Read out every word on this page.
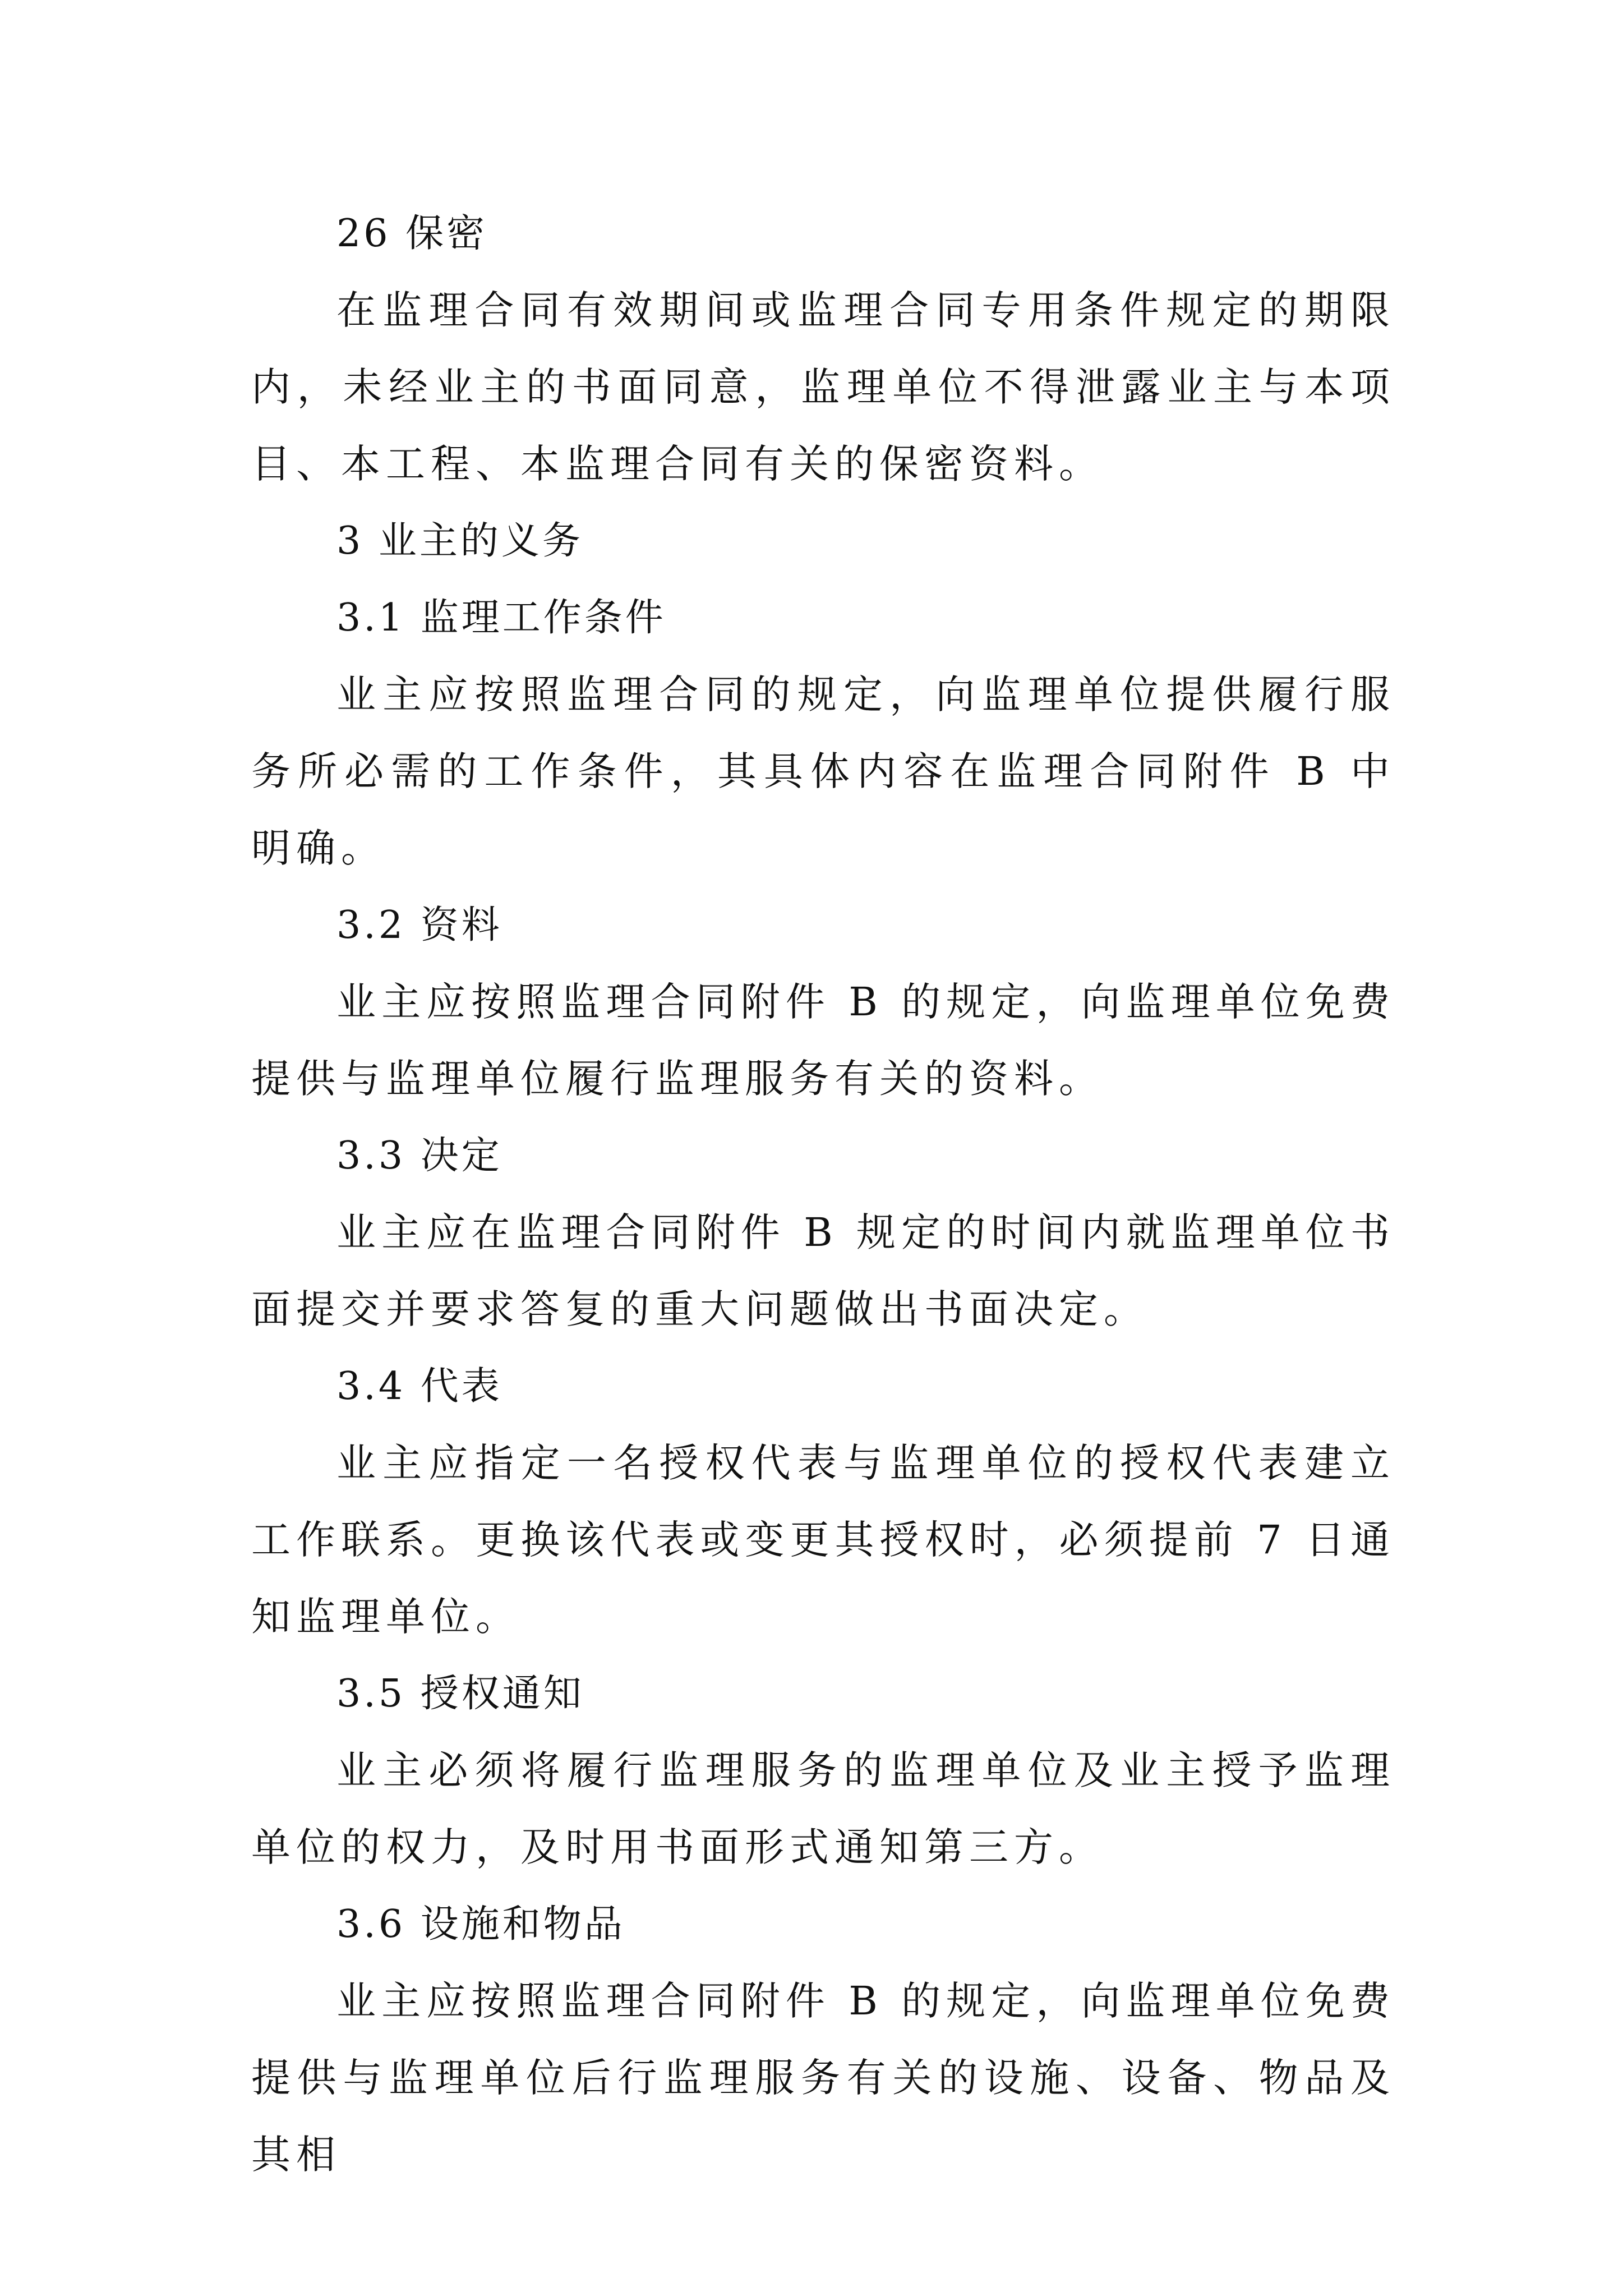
26 保密

在监理合同有效期间或监理合同专用条件规定的期限内，未经业主的书面同意，监理单位不得泄露业主与本项目、本工程、本监理合同有关的保密资料。

3 业主的义务

3.1 监理工作条件

业主应按照监理合同的规定，向监理单位提供履行服务所必需的工作条件，其具体内容在监理合同附件 B 中明确。

3.2 资料

业主应按照监理合同附件 B 的规定，向监理单位免费提供与监理单位履行监理服务有关的资料。

3.3 决定

业主应在监理合同附件 B 规定的时间内就监理单位书面提交并要求答复的重大问题做出书面决定。

3.4 代表

业主应指定一名授权代表与监理单位的授权代表建立工作联系。更换该代表或变更其授权时，必须提前 7 日通知监理单位。

3.5 授权通知

业主必须将履行监理服务的监理单位及业主授予监理单位的权力，及时用书面形式通知第三方。

3.6 设施和物品

业主应按照监理合同附件 B 的规定，向监理单位免费提供与监理单位后行监理服务有关的设施、设备、物品及其相
